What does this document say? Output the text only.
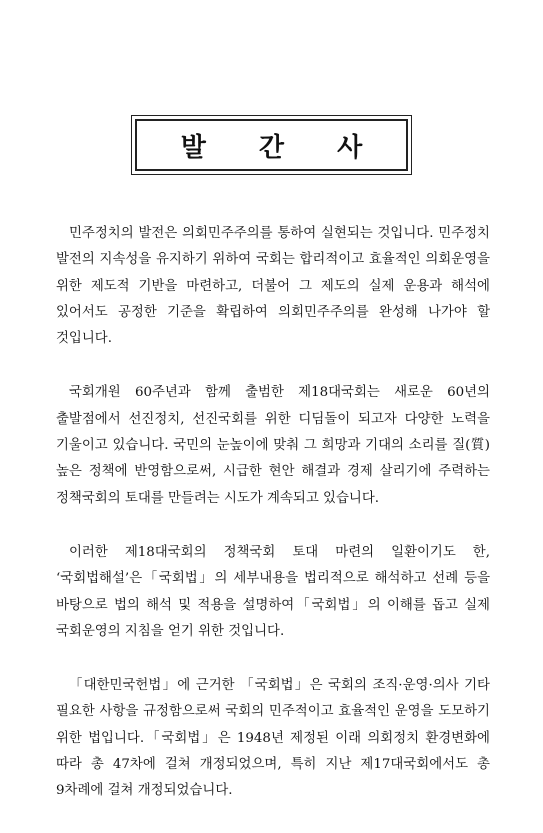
발 간 사

민주정치의 발전은 의회민주주의를 통하여 실현되는 것입니다. 민주정치 발전의 지속성을 유지하기 위하여 국회는 합리적이고 효율적인 의회운영을 위한 제도적 기반을 마련하고, 더불어 그 제도의 실제 운용과 해석에 있어서도 공정한 기준을 확립하여 의회민주주의를 완성해 나가야 할 것입니다.

국회개원 60주년과 함께 출범한 제18대국회는 새로운 60년의 출발점에서 선진정치, 선진국회를 위한 디딤돌이 되고자 다양한 노력을 기울이고 있습니다. 국민의 눈높이에 맞춰 그 희망과 기대의 소리를 질(質) 높은 정책에 반영함으로써, 시급한 현안 해결과 경제 살리기에 주력하는 정책국회의 토대를 만들려는 시도가 계속되고 있습니다.

이러한 제18대국회의 정책국회 토대 마련의 일환이기도 한, ‘국회법해설’은「국회법」의 세부내용을 법리적으로 해석하고 선례 등을 바탕으로 법의 해석 및 적용을 설명하여「국회법」의 이해를 돕고 실제 국회운영의 지침을 얻기 위한 것입니다.

「대한민국헌법」에 근거한 「국회법」은 국회의 조직·운영·의사 기타 필요한 사항을 규정함으로써 국회의 민주적이고 효율적인 운영을 도모하기 위한 법입니다.「국회법」은 1948년 제정된 이래 의회정치 환경변화에 따라 총 47차에 걸쳐 개정되었으며, 특히 지난 제17대국회에서도 총 9차례에 걸쳐 개정되었습니다.
